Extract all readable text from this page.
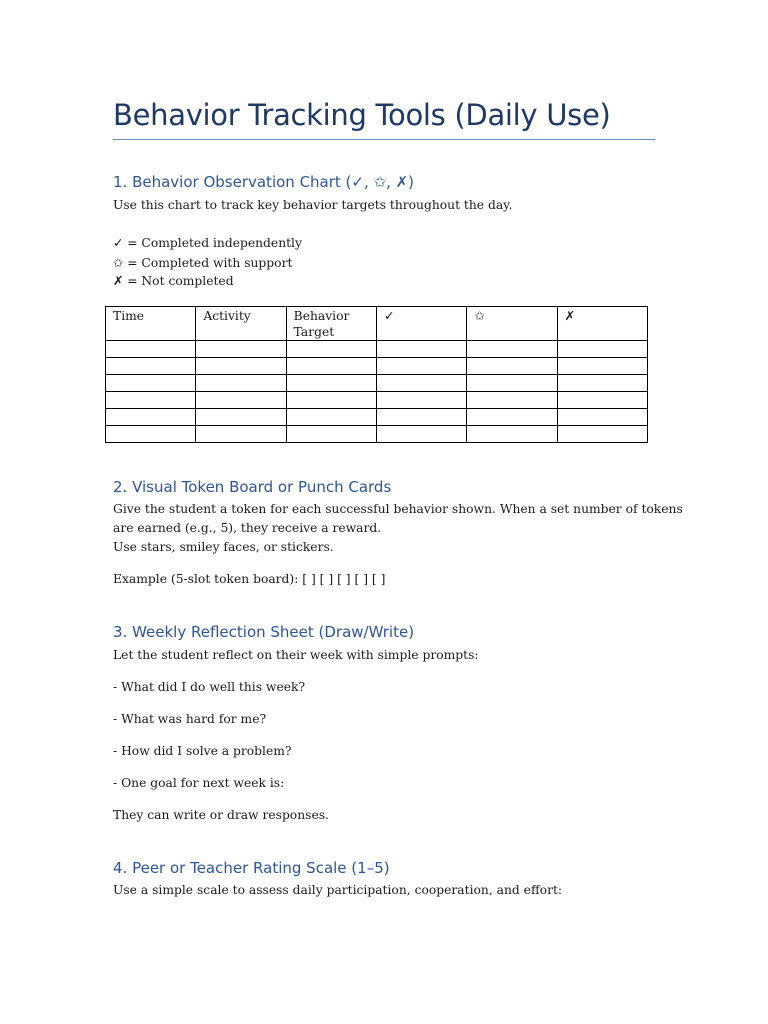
Behavior Tracking Tools (Daily Use)
1. Behavior Observation Chart (✓, ✩, ✗)
Use this chart to track key behavior targets throughout the day.
✓ = Completed independently
✩ = Completed with support
✗ = Not completed
Time	Activity	Behavior Target	✓	✩	✗

2. Visual Token Board or Punch Cards
Give the student a token for each successful behavior shown. When a set number of tokens
are earned (e.g., 5), they receive a reward.
Use stars, smiley faces, or stickers.
Example (5-slot token board): [ ] [ ] [ ] [ ] [ ]
3. Weekly Reflection Sheet (Draw/Write)
Let the student reflect on their week with simple prompts:
- What did I do well this week?
- What was hard for me?
- How did I solve a problem?
- One goal for next week is:
They can write or draw responses.
4. Peer or Teacher Rating Scale (1–5)
Use a simple scale to assess daily participation, cooperation, and effort:
